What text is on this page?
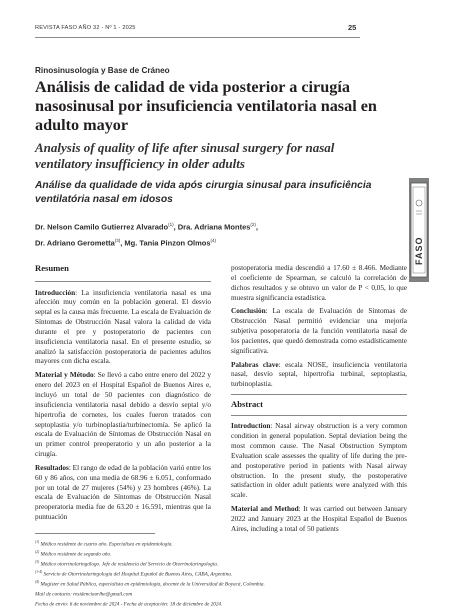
REVISTA FASO AÑO 32 - Nº 1 - 2025	25
FASO
Rinosinusología y Base de Cráneo
Análisis de calidad de vida posterior a cirugía nasosinusal por insuficiencia ventilatoria nasal en adulto mayor
Analysis of quality of life after sinusal surgery for nasal ventilatory insufficiency in older adults
Análise da qualidade de vida após cirurgia sinusal para insuficiência ventilatória nasal em idosos
Dr. Nelson Camilo Gutierrez Alvarado$^{(1)}$, Dra. Adriana Montes$^{(2)}$,
Dr. Adriano Gerometta$^{(3)}$, Mg. Tania Pinzon Olmos$^{(4)}$
Resumen

Introducción: La insuficiencia ventilatoria nasal es una afección muy común en la población general. El desvío septal es la causa más frecuente. La escala de Evaluación de Síntomas de Obstrucción Nasal valora la calidad de vida durante el pre y postoperatorio de pacientes con insuficiencia ventilatoria nasal. En el presente estudio, se analizó la satisfacción postoperatoria de pacientes adultos mayores con dicha escala.

Material y Método: Se llevó a cabo entre enero del 2022 y enero del 2023 en el Hospital Español de Buenos Aires e, incluyó un total de 50 pacientes con diagnóstico de insuficiencia ventilatoria nasal debido a desvío septal y/o hipertrofia de cornetes, los cuales fueron tratados con septoplastia y/o turbinoplastia/turbinectomía. Se aplicó la escala de Evaluación de Síntomas de Obstrucción Nasal en un primer control preoperatorio y un año posterior a la cirugía.

Resultados: El rango de edad de la población varió entre los 60 y 86 años, con una media de 68.96 ± 6.051, conformado por un total de 27 mujeres (54%) y 23 hombres (46%). La escala de Evaluación de Síntomas de Obstrucción Nasal preoperatoria media fue de 63.20 ± 16.591, mientras que la puntuación

postoperatoria media descendió a 17.60 ± 8.466. Mediante el coeficiente de Spearman, se calculó la correlación de dichos resultados y se obtuvo un valor de P < 0,05, lo que muestra significancia estadística.

Conclusión: La escala de Evaluación de Síntomas de Obstrucción Nasal permitió evidenciar una mejoría subjetiva posoperatoria de la función ventilatoria nasal de los pacientes, que quedó demostrada como estadísticamente significativa.

Palabras clave: escala NOSE, insuficiencia ventilatoria nasal, desvío septal, hipertrofia turbinal, septoplastia, turbinoplastia.

Abstract

Introduction: Nasal airway obstruction is a very common condition in general population. Septal deviation being the most common cause. The Nasal Obstruction Symptom Evaluation scale assesses the quality of life during the pre- and postoperative period in patients with Nasal airway obstruction. In the present study, the postoperative satisfaction in older adult patients were analyzed with this scale.

Material and Method: It was carried out between January 2022 and January 2023 at the Hospital Español de Buenos Aires, including a total of 50 patients

$^{(1)}$ Médico residente de cuarto año. Especialista en epidemiología.
$^{(2)}$ Médico residente de segundo año.
$^{(3)}$ Médico otorrinolaringólogo. Jefe de residencia del Servicio de Otorrinolaringología.
$^{(1-4)}$ Servicio de Otorrinolaringología del Hospital Español de Buenos Aires, CABA, Argentina.
$^{(4)}$ Magíster en Salud Pública, especialista en epidemiología, docente de la Universidad de Boyacá, Colombia.
Mail de contacto: residenciaorlhe@gmail.com
Fecha de envío: 6 de noviembre de 2024 - Fecha de aceptación: 18 de diciembre de 2024.
